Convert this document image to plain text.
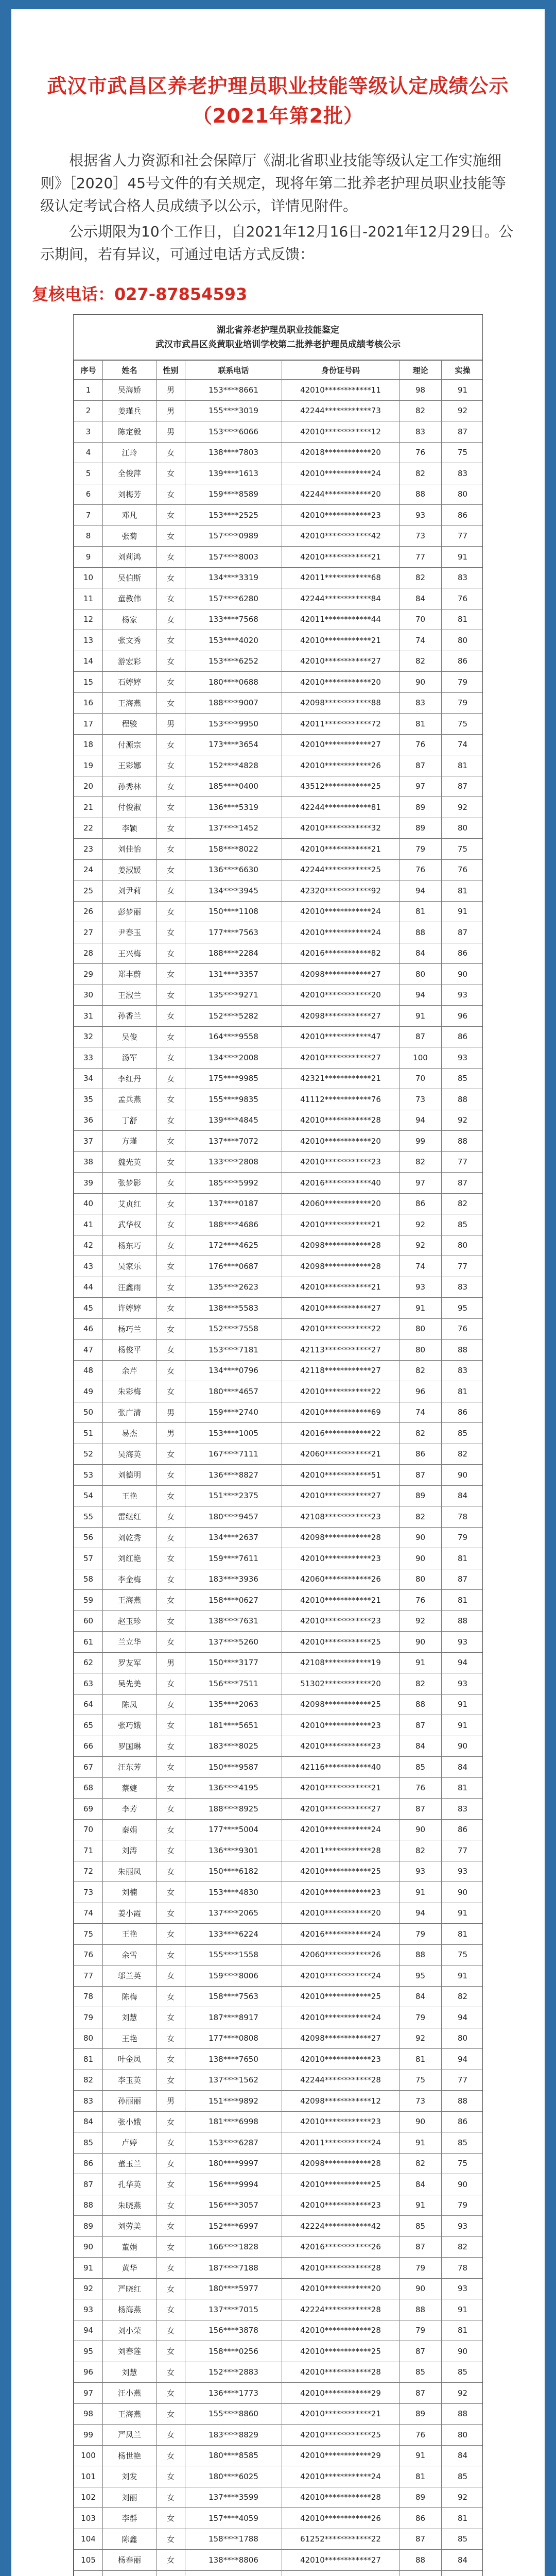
武汉市武昌区养老护理员职业技能等级认定成绩公示
（2021年第2批）

根据省人力资源和社会保障厅《湖北省职业技能等级认定工作实施细则》［2020］45号文件的有关规定，现将年第二批养老护理员职业技能等级认定考试合格人员成绩予以公示，详情见附件。

公示期限为10个工作日，自2021年12月16日-2021年12月29日。公示期间，若有异议，可通过电话方式反馈：

复核电话：027-87854593
湖北省养老护理员职业技能鉴定
武汉市武昌区炎黄职业培训学校第二批养老护理员成绩考核公示
序号	姓名	性别	联系电话	身份证号码	理论	实操
1	吴海娇	男	153****8661	42010************11	98	91
2	姜瑾兵	男	155****3019	42244************73	82	92
3	陈定毅	男	153****6066	42010************12	83	87
4	江玲	女	138****7803	42018************20	76	75
5	全俊萍	女	139****1613	42010************24	82	83
6	刘梅芳	女	159****8589	42244************20	88	80
7	邓凡	女	153****2525	42010************23	93	86
8	张菊	女	157****0989	42010************42	73	77
9	刘莉鸿	女	157****8003	42010************21	77	91
10	吴伯斯	女	134****3319	42011************68	82	83
11	童教伟	女	157****6280	42244************84	84	76
12	杨家	女	133****7568	42011************44	70	81
13	张文秀	女	153****4020	42010************21	74	80
14	游宏彩	女	153****6252	42010************27	82	86
15	石婷婷	女	180****0688	42010************20	90	79
16	王海燕	女	188****9007	42098************88	83	79
17	程骏	男	153****9950	42011************72	81	75
18	付源宗	女	173****3654	42010************27	76	74
19	王彩娜	女	152****4828	42010************26	87	81
20	孙秀林	女	185****0400	43512************25	97	87
21	付俊淑	女	136****5319	42244************81	89	92
22	李颖	女	137****1452	42010************32	89	80
23	刘佳怡	女	158****8022	42010************21	79	75
24	姜淑媛	女	136****6630	42244************25	76	76
25	刘尹莉	女	134****3945	42320************92	94	81
26	彭梦丽	女	150****1108	42010************24	81	91
27	尹春玉	女	177****7563	42010************24	88	87
28	王兴梅	女	188****2284	42016************82	84	86
29	郑丰蔚	女	131****3357	42098************27	80	90
30	王淑兰	女	135****9271	42010************20	94	93
31	孙香兰	女	152****5282	42098************27	91	96
32	吴俊	女	164****9558	42010************47	87	86
33	汤军	女	134****2008	42010************27	100	93
34	李红丹	女	175****9985	42321************21	70	85
35	孟兵燕	女	155****9835	41112************76	73	88
36	丁舒	女	139****4845	42010************28	94	92
37	方瑾	女	137****7072	42010************20	99	88
38	魏光英	女	133****2808	42010************23	82	77
39	张梦影	女	185****5992	42016************40	97	87
40	艾贞红	女	137****0187	42060************20	86	82
41	武华权	女	188****4686	42010************21	92	85
42	杨东巧	女	172****4625	42098************28	92	80
43	吴家乐	女	176****0687	42098************28	74	77
44	汪鑫雨	女	135****2623	42010************21	93	83
45	许婷婷	女	138****5583	42010************27	91	95
46	杨巧兰	女	152****7558	42010************22	80	76
47	杨俊平	女	153****7181	42113************27	80	88
48	余芹	女	134****0796	42118************27	82	83
49	朱彩梅	女	180****4657	42010************22	96	81
50	张广清	男	159****2740	42010************69	74	86
51	易杰	男	153****1005	42016************22	82	85
52	吴海英	女	167****7111	42060************21	86	82
53	刘德明	女	136****8827	42010************51	87	90
54	王艳	女	151****2375	42010************27	89	84
55	雷继红	女	180****9457	42108************23	82	78
56	刘乾秀	女	134****2637	42098************28	90	79
57	刘红艳	女	159****7611	42010************23	90	81
58	李金梅	女	183****3936	42060************26	80	87
59	王海燕	女	158****0627	42010************21	76	81
60	赵玉珍	女	138****7631	42010************23	92	88
61	兰立华	女	137****5260	42010************25	90	93
62	罗友军	男	150****3177	42108************19	91	94
63	吴先美	女	156****7511	51302************20	82	93
64	陈凤	女	135****2063	42098************25	88	91
65	张巧娥	女	181****5651	42010************23	87	91
66	罗国琳	女	183****8025	42010************23	84	90
67	汪东芳	女	150****9587	42116************40	85	84
68	蔡婕	女	136****4195	42010************21	76	81
69	李芳	女	188****8925	42010************27	87	83
70	秦娟	女	177****5004	42010************24	90	86
71	刘涛	女	136****9301	42011************28	82	77
72	朱丽凤	女	150****6182	42010************25	93	93
73	刘楠	女	153****4830	42010************23	91	90
74	姜小霞	女	137****2065	42010************20	94	91
75	王艳	女	133****6224	42016************24	79	81
76	余雪	女	155****1558	42060************26	88	75
77	邬兰英	女	159****8006	42010************24	95	91
78	陈梅	女	158****7563	42010************25	84	82
79	刘慧	女	187****8917	42010************24	79	94
80	王艳	女	177****0808	42098************27	92	80
81	叶金凤	女	138****7650	42010************23	81	94
82	李玉英	女	137****1562	42244************28	75	77
83	孙丽丽	男	151****9892	42098************12	73	88
84	张小娥	女	181****6998	42010************23	90	86
85	卢婷	女	153****6287	42011************24	91	85
86	董玉兰	女	180****9997	42098************28	82	75
87	孔华英	女	156****9994	42010************25	84	90
88	朱晓燕	女	156****3057	42010************23	91	79
89	刘劳美	女	152****6997	42224************42	85	93
90	董娟	女	166****1828	42016************26	87	82
91	黄华	女	187****7188	42010************28	79	78
92	严晓红	女	180****5977	42010************20	90	93
93	杨海燕	女	137****7015	42224************28	88	91
94	刘小荣	女	156****3878	42010************28	79	81
95	刘春莲	女	158****0256	42010************25	87	90
96	刘慧	女	152****2883	42010************28	85	85
97	汪小燕	女	136****1773	42010************29	87	92
98	王海燕	女	155****8860	42010************21	89	88
99	严凤兰	女	183****8829	42010************25	76	80
100	杨世艳	女	180****8585	42010************29	91	84
101	刘发	女	180****6025	42010************24	81	85
102	刘丽	女	137****3599	42010************28	89	92
103	李群	女	157****4059	42010************26	86	81
104	陈鑫	女	158****1788	61252************22	87	85
105	杨春丽	女	138****8806	42010************27	88	84
